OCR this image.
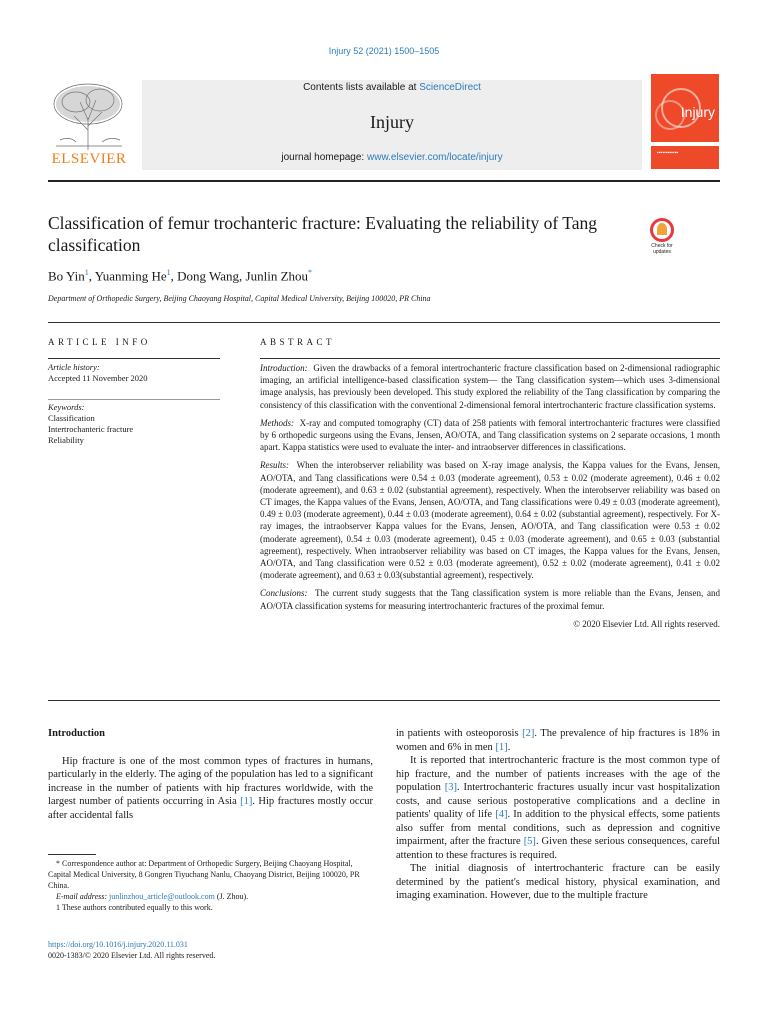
Injury 52 (2021) 1500–1505
ELSEVIER
Contents lists available at ScienceDirect
Injury
journal homepage: www.elsevier.com/locate/injury
Injury
▪▪▪▪▪▪▪▪▪▪▪▪
Classification of femur trochanteric fracture: Evaluating the reliability of Tang classification	Check for updates
Bo Yin$^1$, Yuanming He$^1$, Dong Wang, Junlin Zhou*
Department of Orthopedic Surgery, Beijing Chaoyang Hospital, Capital Medical University, Beijing 100020, PR China
ARTICLE INFO	ABSTRACT
Article history:
Accepted 11 November 2020
Keywords:
Classification
Intertrochanteric fracture
Reliability

Introduction: Given the drawbacks of a femoral intertrochanteric fracture classification based on 2-dimensional radiographic imaging, an artificial intelligence-based classification system— the Tang classification system—which uses 3-dimensional image analysis, has previously been developed. This study explored the reliability of the Tang classification by comparing the consistency of this classification with the conventional 2-dimensional femoral intertrochanteric fracture classification systems.

Methods: X-ray and computed tomography (CT) data of 258 patients with femoral intertrochanteric fractures were classified by 6 orthopedic surgeons using the Evans, Jensen, AO/OTA, and Tang classification systems on 2 separate occasions, 1 month apart. Kappa statistics were used to evaluate the inter- and intraobserver differences in classifications.

Results: When the interobserver reliability was based on X-ray image analysis, the Kappa values for the Evans, Jensen, AO/OTA, and Tang classifications were 0.54 ± 0.03 (moderate agreement), 0.53 ± 0.02 (moderate agreement), 0.46 ± 0.02 (moderate agreement), and 0.63 ± 0.02 (substantial agreement), respectively. When the interobserver reliability was based on CT images, the Kappa values of the Evans, Jensen, AO/OTA, and Tang classifications were 0.49 ± 0.03 (moderate agreement), 0.49 ± 0.03 (moderate agreement), 0.44 ± 0.03 (moderate agreement), 0.64 ± 0.02 (substantial agreement), respectively. For X-ray images, the intraobserver Kappa values for the Evans, Jensen, AO/OTA, and Tang classification were 0.53 ± 0.02 (moderate agreement), 0.54 ± 0.03 (moderate agreement), 0.45 ± 0.03 (moderate agreement), and 0.65 ± 0.03 (substantial agreement), respectively. When intraobserver reliability was based on CT images, the Kappa values for the Evans, Jensen, AO/OTA, and Tang classification were 0.52 ± 0.03 (moderate agreement), 0.52 ± 0.02 (moderate agreement), 0.41 ± 0.02 (moderate agreement), and 0.63 ± 0.03(substantial agreement), respectively.

Conclusions: The current study suggests that the Tang classification system is more reliable than the Evans, Jensen, and AO/OTA classification systems for measuring intertrochanteric fractures of the proximal femur.

© 2020 Elsevier Ltd. All rights reserved.

Introduction

Hip fracture is one of the most common types of fractures in humans, particularly in the elderly. The aging of the population has led to a significant increase in the number of patients with hip fractures worldwide, with the largest number of patients occurring in Asia [1]. Hip fractures mostly occur after accidental falls

in patients with osteoporosis [2]. The prevalence of hip fractures is 18% in women and 6% in men [1].

It is reported that intertrochanteric fracture is the most common type of hip fracture, and the number of patients increases with the age of the population [3]. Intertrochanteric fractures usually incur vast hospitalization costs, and cause serious postoperative complications and a decline in patients' quality of life [4]. In addition to the physical effects, some patients also suffer from mental conditions, such as depression and cognitive impairment, after the fracture [5]. Given these serious consequences, careful attention to these fractures is required.

The initial diagnosis of intertrochanteric fracture can be easily determined by the patient's medical history, physical examination, and imaging examination. However, due to the multiple fracture

* Correspondence author at: Department of Orthopedic Surgery, Beijing Chaoyang Hospital, Capital Medical University, 8 Gongren Tiyuchang Nanlu, Chaoyang District, Beijing 100020, PR China.

E-mail address: junlinzhou_article@outlook.com (J. Zhou).

1 These authors contributed equally to this work.

https://doi.org/10.1016/j.injury.2020.11.031
0020-1383/© 2020 Elsevier Ltd. All rights reserved.
